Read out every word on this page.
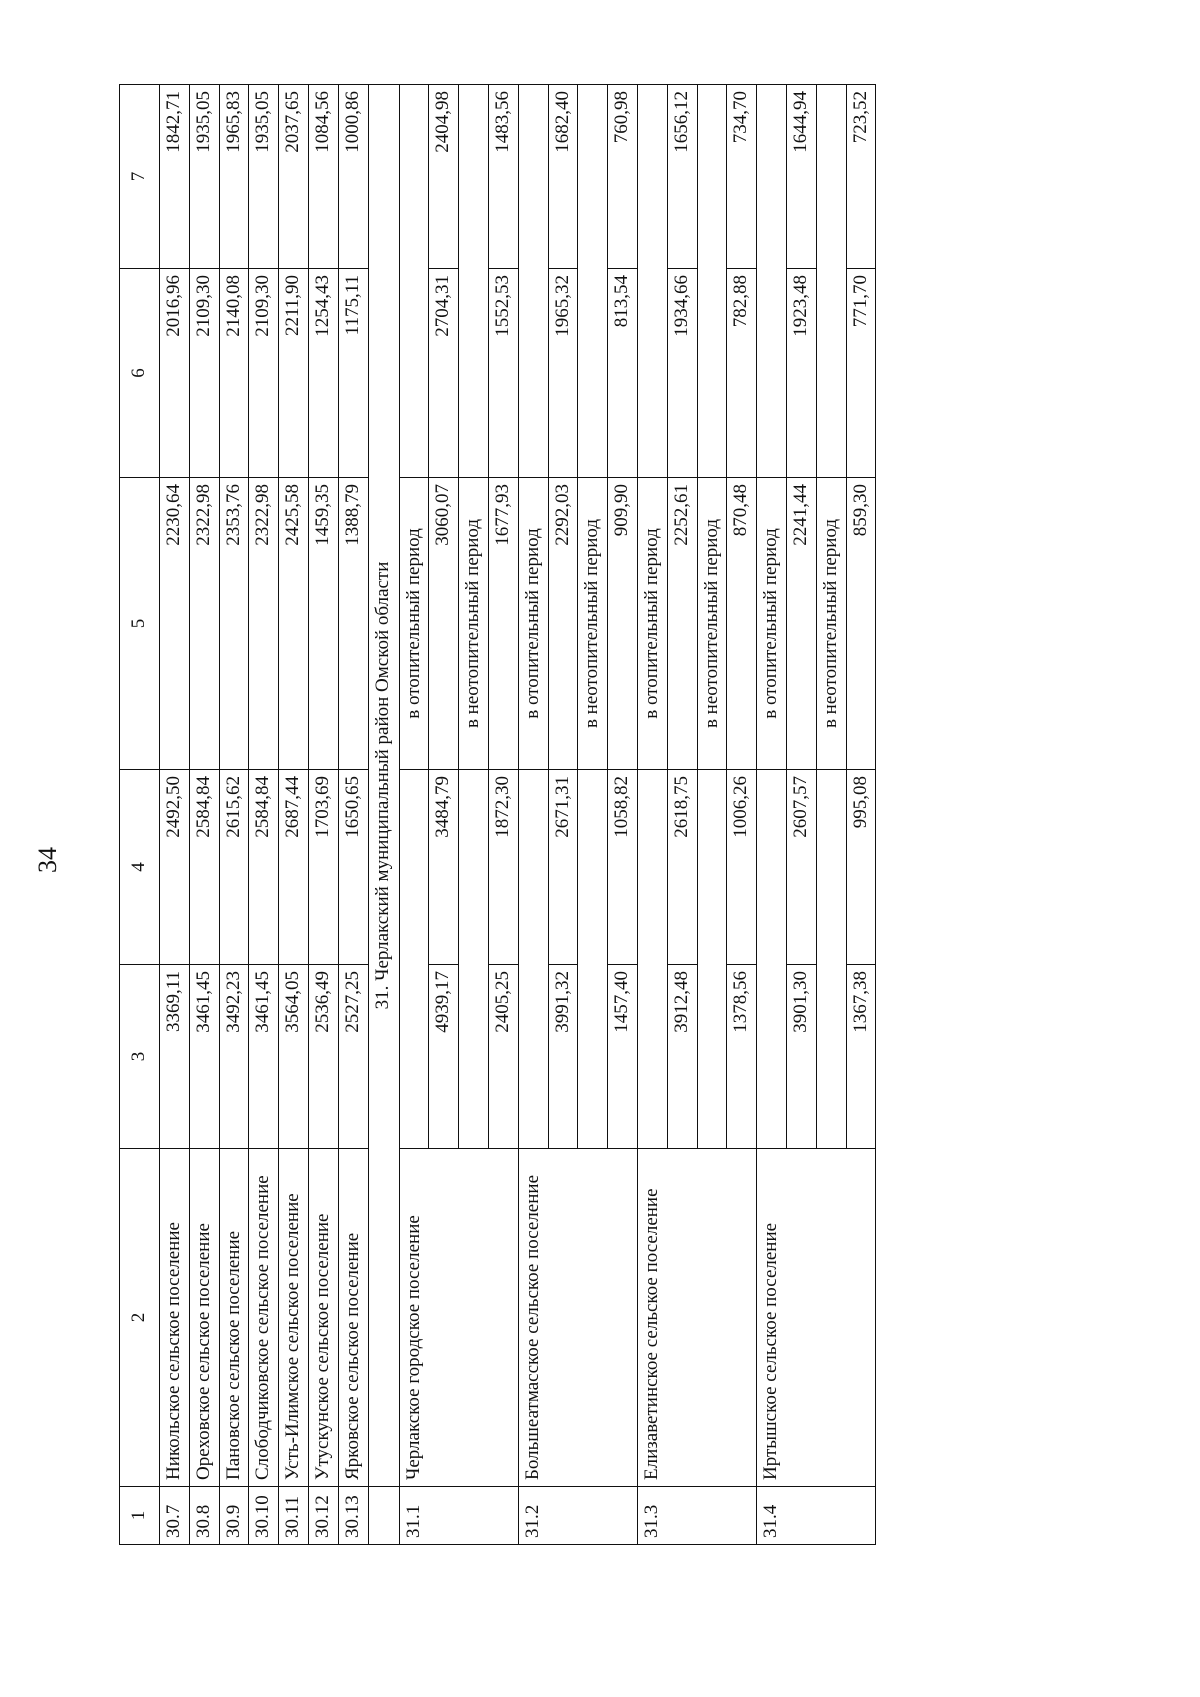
34
1	2	3	4	5	6	7
30.7	Никольское сельское поселение	3369,11	2492,50	2230,64	2016,96	1842,71
30.8	Ореховское сельское поселение	3461,45	2584,84	2322,98	2109,30	1935,05
30.9	Пановское сельское поселение	3492,23	2615,62	2353,76	2140,08	1965,83
30.10	Слободчиковское сельское поселение	3461,45	2584,84	2322,98	2109,30	1935,05
30.11	Усть-Илимское сельское поселение	3564,05	2687,44	2425,58	2211,90	2037,65
30.12	Утускунское сельское поселение	2536,49	1703,69	1459,35	1254,43	1084,56
30.13	Ярковское сельское поселение	2527,25	1650,65	1388,79	1175,11	1000,86
	31. Черлакский муниципальный район Омской области					
31.1	Черлакское городское поселение			в отопительный период		
		4939,17	3484,79	3060,07	2704,31	2404,98
				в неотопительный период		
		2405,25	1872,30	1677,93	1552,53	1483,56
31.2	Большеатмасское сельское поселение			в отопительный период		
		3991,32	2671,31	2292,03	1965,32	1682,40
				в неотопительный период		
		1457,40	1058,82	909,90	813,54	760,98
31.3	Елизаветинское сельское поселение			в отопительный период		
		3912,48	2618,75	2252,61	1934,66	1656,12
				в неотопительный период		
		1378,56	1006,26	870,48	782,88	734,70
31.4	Иртышское сельское поселение			в отопительный период		
		3901,30	2607,57	2241,44	1923,48	1644,94
				в неотопительный период		
		1367,38	995,08	859,30	771,70	723,52
